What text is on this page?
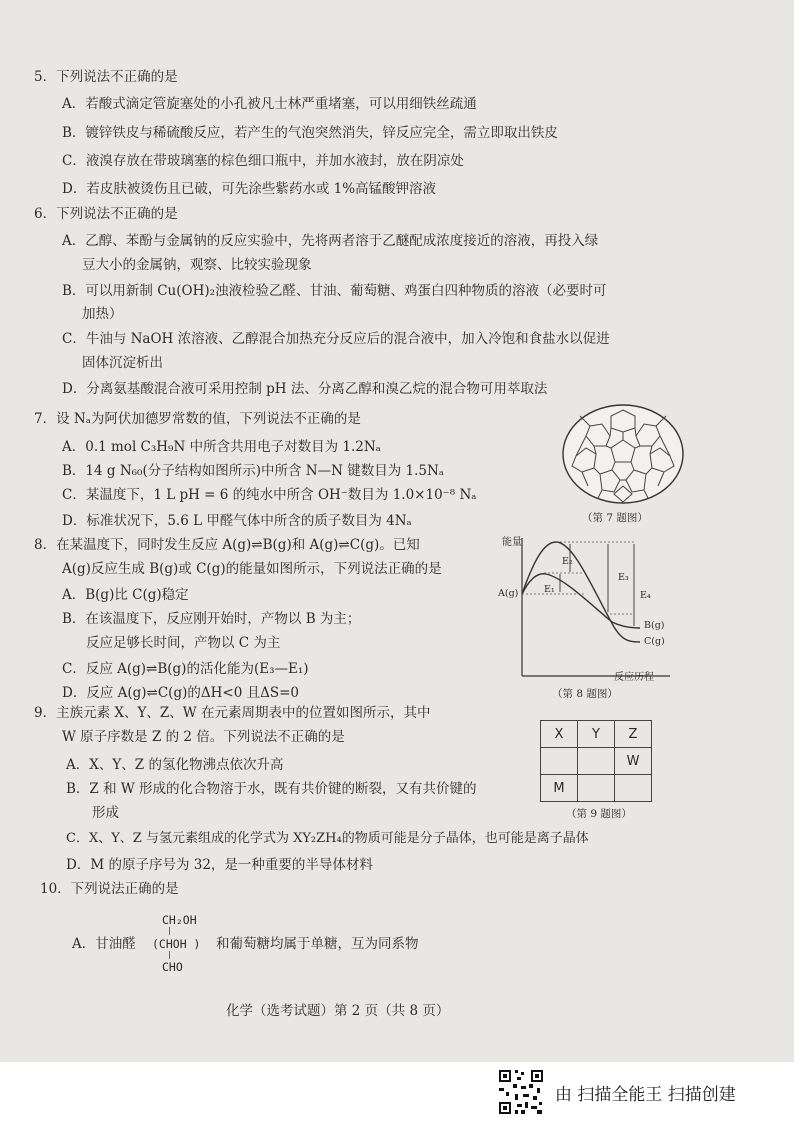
5．下列说法不正确的是
A．若酸式滴定管旋塞处的小孔被凡士林严重堵塞，可以用细铁丝疏通
B．镀锌铁皮与稀硫酸反应，若产生的气泡突然消失，锌反应完全，需立即取出铁皮
C．液溴存放在带玻璃塞的棕色细口瓶中，并加水液封，放在阴凉处
D．若皮肤被烫伤且已破，可先涂些紫药水或 1%高锰酸钾溶液
6．下列说法不正确的是
A．乙醇、苯酚与金属钠的反应实验中，先将两者溶于乙醚配成浓度接近的溶液，再投入绿
豆大小的金属钠，观察、比较实验现象
B．可以用新制 Cu(OH)₂浊液检验乙醛、甘油、葡萄糖、鸡蛋白四种物质的溶液（必要时可
加热）
C．牛油与 NaOH 浓溶液、乙醇混合加热充分反应后的混合液中，加入冷饱和食盐水以促进
固体沉淀析出
D．分离氨基酸混合液可采用控制 pH 法、分离乙醇和溴乙烷的混合物可用萃取法
7．设 Nₐ为阿伏加德罗常数的值，下列说法不正确的是
A．0.1 mol C₃H₉N 中所含共用电子对数目为 1.2Nₐ
B．14 g N₆₀(分子结构如图所示)中所含 N—N 键数目为 1.5Nₐ
C．某温度下，1 L pH = 6 的纯水中所含 OH⁻数目为 1.0×10⁻⁸ Nₐ
D．标准状况下，5.6 L 甲醛气体中所含的质子数目为 4Nₐ	（第 7 题图）
8．在某温度下，同时发生反应 A(g)⇌B(g)和 A(g)⇌C(g)。已知
A(g)反应生成 B(g)或 C(g)的能量如图所示，下列说法正确的是
A．B(g)比 C(g)稳定
B．在该温度下，反应刚开始时，产物以 B 为主；
反应足够长时间，产物以 C 为主
C．反应 A(g)⇌B(g)的活化能为(E₃—E₁)
D．反应 A(g)⇌C(g)的ΔH<0 且ΔS=0
能量
A(g)	E₁
E₂
E₃
E₄
B(g)
C(g)
反应历程
（第 8 题图）
9．主族元素 X、Y、Z、W 在元素周期表中的位置如图所示，其中
W 原子序数是 Z 的 2 倍。下列说法不正确的是
A．X、Y、Z 的氢化物沸点依次升高
B．Z 和 W 形成的化合物溶于水，既有共价键的断裂，又有共价键的
形成
C．X、Y、Z 与氢元素组成的化学式为 XY₂ZH₄的物质可能是分子晶体，也可能是离子晶体
D．M 的原子序号为 32，是一种重要的半导体材料
X	Y	Z
		W
M		
（第 9 题图）
10．下列说法正确的是
CH₂OH
|
A．甘油醛 (CHOH ) 和葡萄糖均属于单糖，互为同系物
|
CHO
化学（选考试题）第 2 页（共 8 页）
由 扫描全能王 扫描创建
